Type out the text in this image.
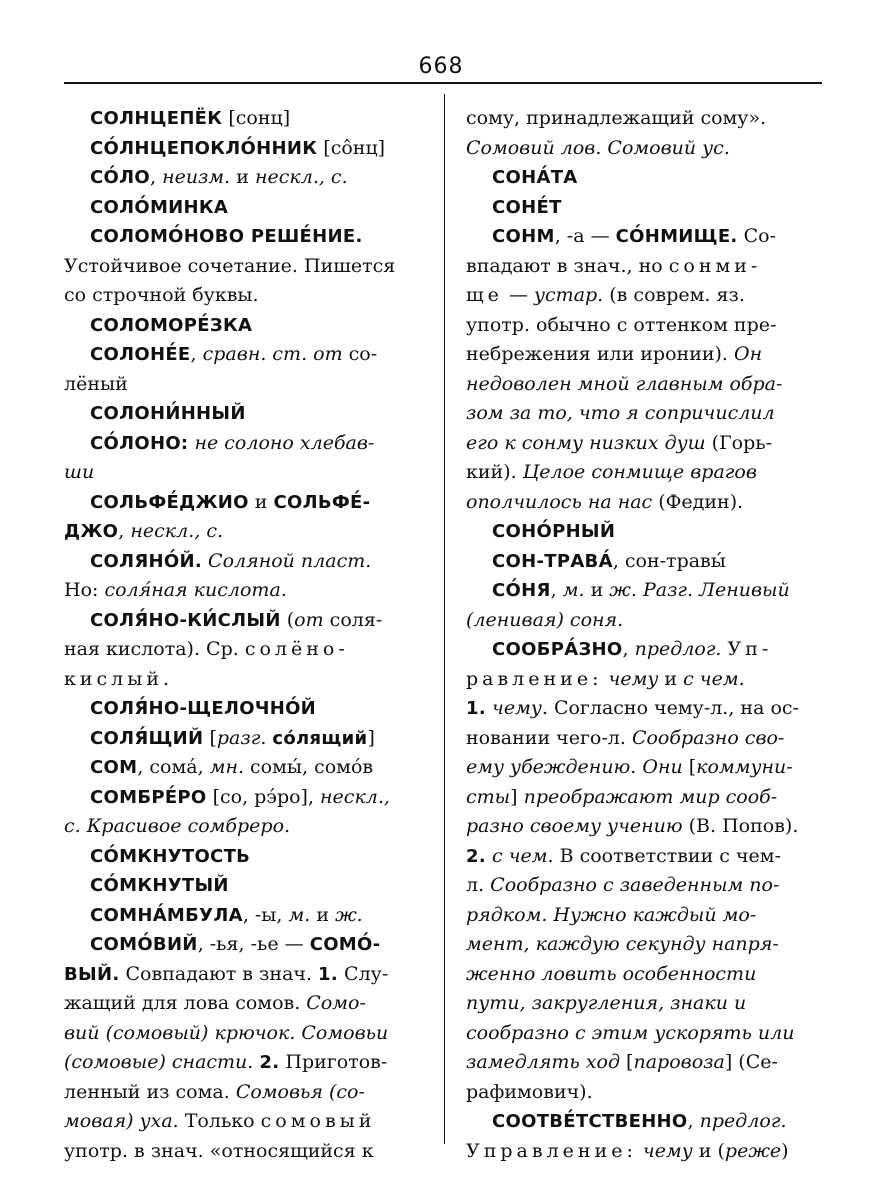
668
СОЛНЦЕПЁК [сонц]
СО́ЛНЦЕПОКЛО́ННИК [со̂нц]
СО́ЛО, неизм. и нескл., с.
СОЛО́МИНКА
СОЛОМО́НОВО РЕШЕ́НИЕ.
Устойчивое сочетание. Пишется
со строчной буквы.
СОЛОМОРЕ́ЗКА
СОЛОНЕ́Е, сравн. ст. от со-
лёный
СОЛОНИ́ННЫЙ
СО́ЛОНО: не солоно хлебав-
ши
СОЛЬФЕ́ДЖИО и СОЛЬФЕ́-
ДЖО, нескл., с.
СОЛЯНО́Й. Соляной пласт.
Но: соля́ная кислота.
СОЛЯ́НО-КИ́СЛЫЙ (от соля-
ная кислота). Ср. солёно-
кислый.
СОЛЯ́НО-ЩЕЛОЧНО́Й
СОЛЯ́ЩИЙ [разг. со́лящий]
СОМ, сома́, мн. сомы́, сомо́в
СОМБРЕ́РО [со, рэ́ро], нескл.,
с. Красивое сомбреро.
СО́МКНУТОСТЬ
СО́МКНУТЫЙ
СОМНА́МБУЛА, -ы, м. и ж.
СОМО́ВИЙ, -ья, -ье — СОМО́-
ВЫЙ. Совпадают в знач. 1. Слу-
жащий для лова сомов. Сомо-
вий (сомовый) крючок. Сомовьи
(сомовые) снасти. 2. Приготов-
ленный из сома. Сомовья (со-
мовая) уха. Только сомовый
употр. в знач. «относящийся к
сому, принадлежащий сому».
Сомовий лов. Сомовий ус.
СОНА́ТА
СОНЕ́Т
СОНМ, -а — СО́НМИЩЕ. Со-
впадают в знач., но сонми-
ще — устар. (в соврем. яз.
употр. обычно с оттенком пре-
небрежения или иронии). Он
недоволен мной главным обра-
зом за то, что я сопричислил
его к сонму низких душ (Горь-
кий). Целое сонмище врагов
ополчилось на нас (Федин).
СОНО́РНЫЙ
СОН-ТРАВА́, сон-травы́
СО́НЯ, м. и ж. Разг. Ленивый
(ленивая) соня.
СООБРА́ЗНО, предлог. Уп-
равление: чему и с чем.
1. чему. Согласно чему-л., на ос-
новании чего-л. Сообразно сво-
ему убеждению. Они [коммуни-
сты] преображают мир сооб-
разно своему учению (В. Попов).
2. с чем. В соответствии с чем-
л. Сообразно с заведенным по-
рядком. Нужно каждый мо-
мент, каждую секунду напря-
женно ловить особенности
пути, закругления, знаки и
сообразно с этим ускорять или
замедлять ход [паровоза] (Се-
рафимович).
СООТВЕ́ТСТВЕННО, предлог.
Управление: чему и (реже)
